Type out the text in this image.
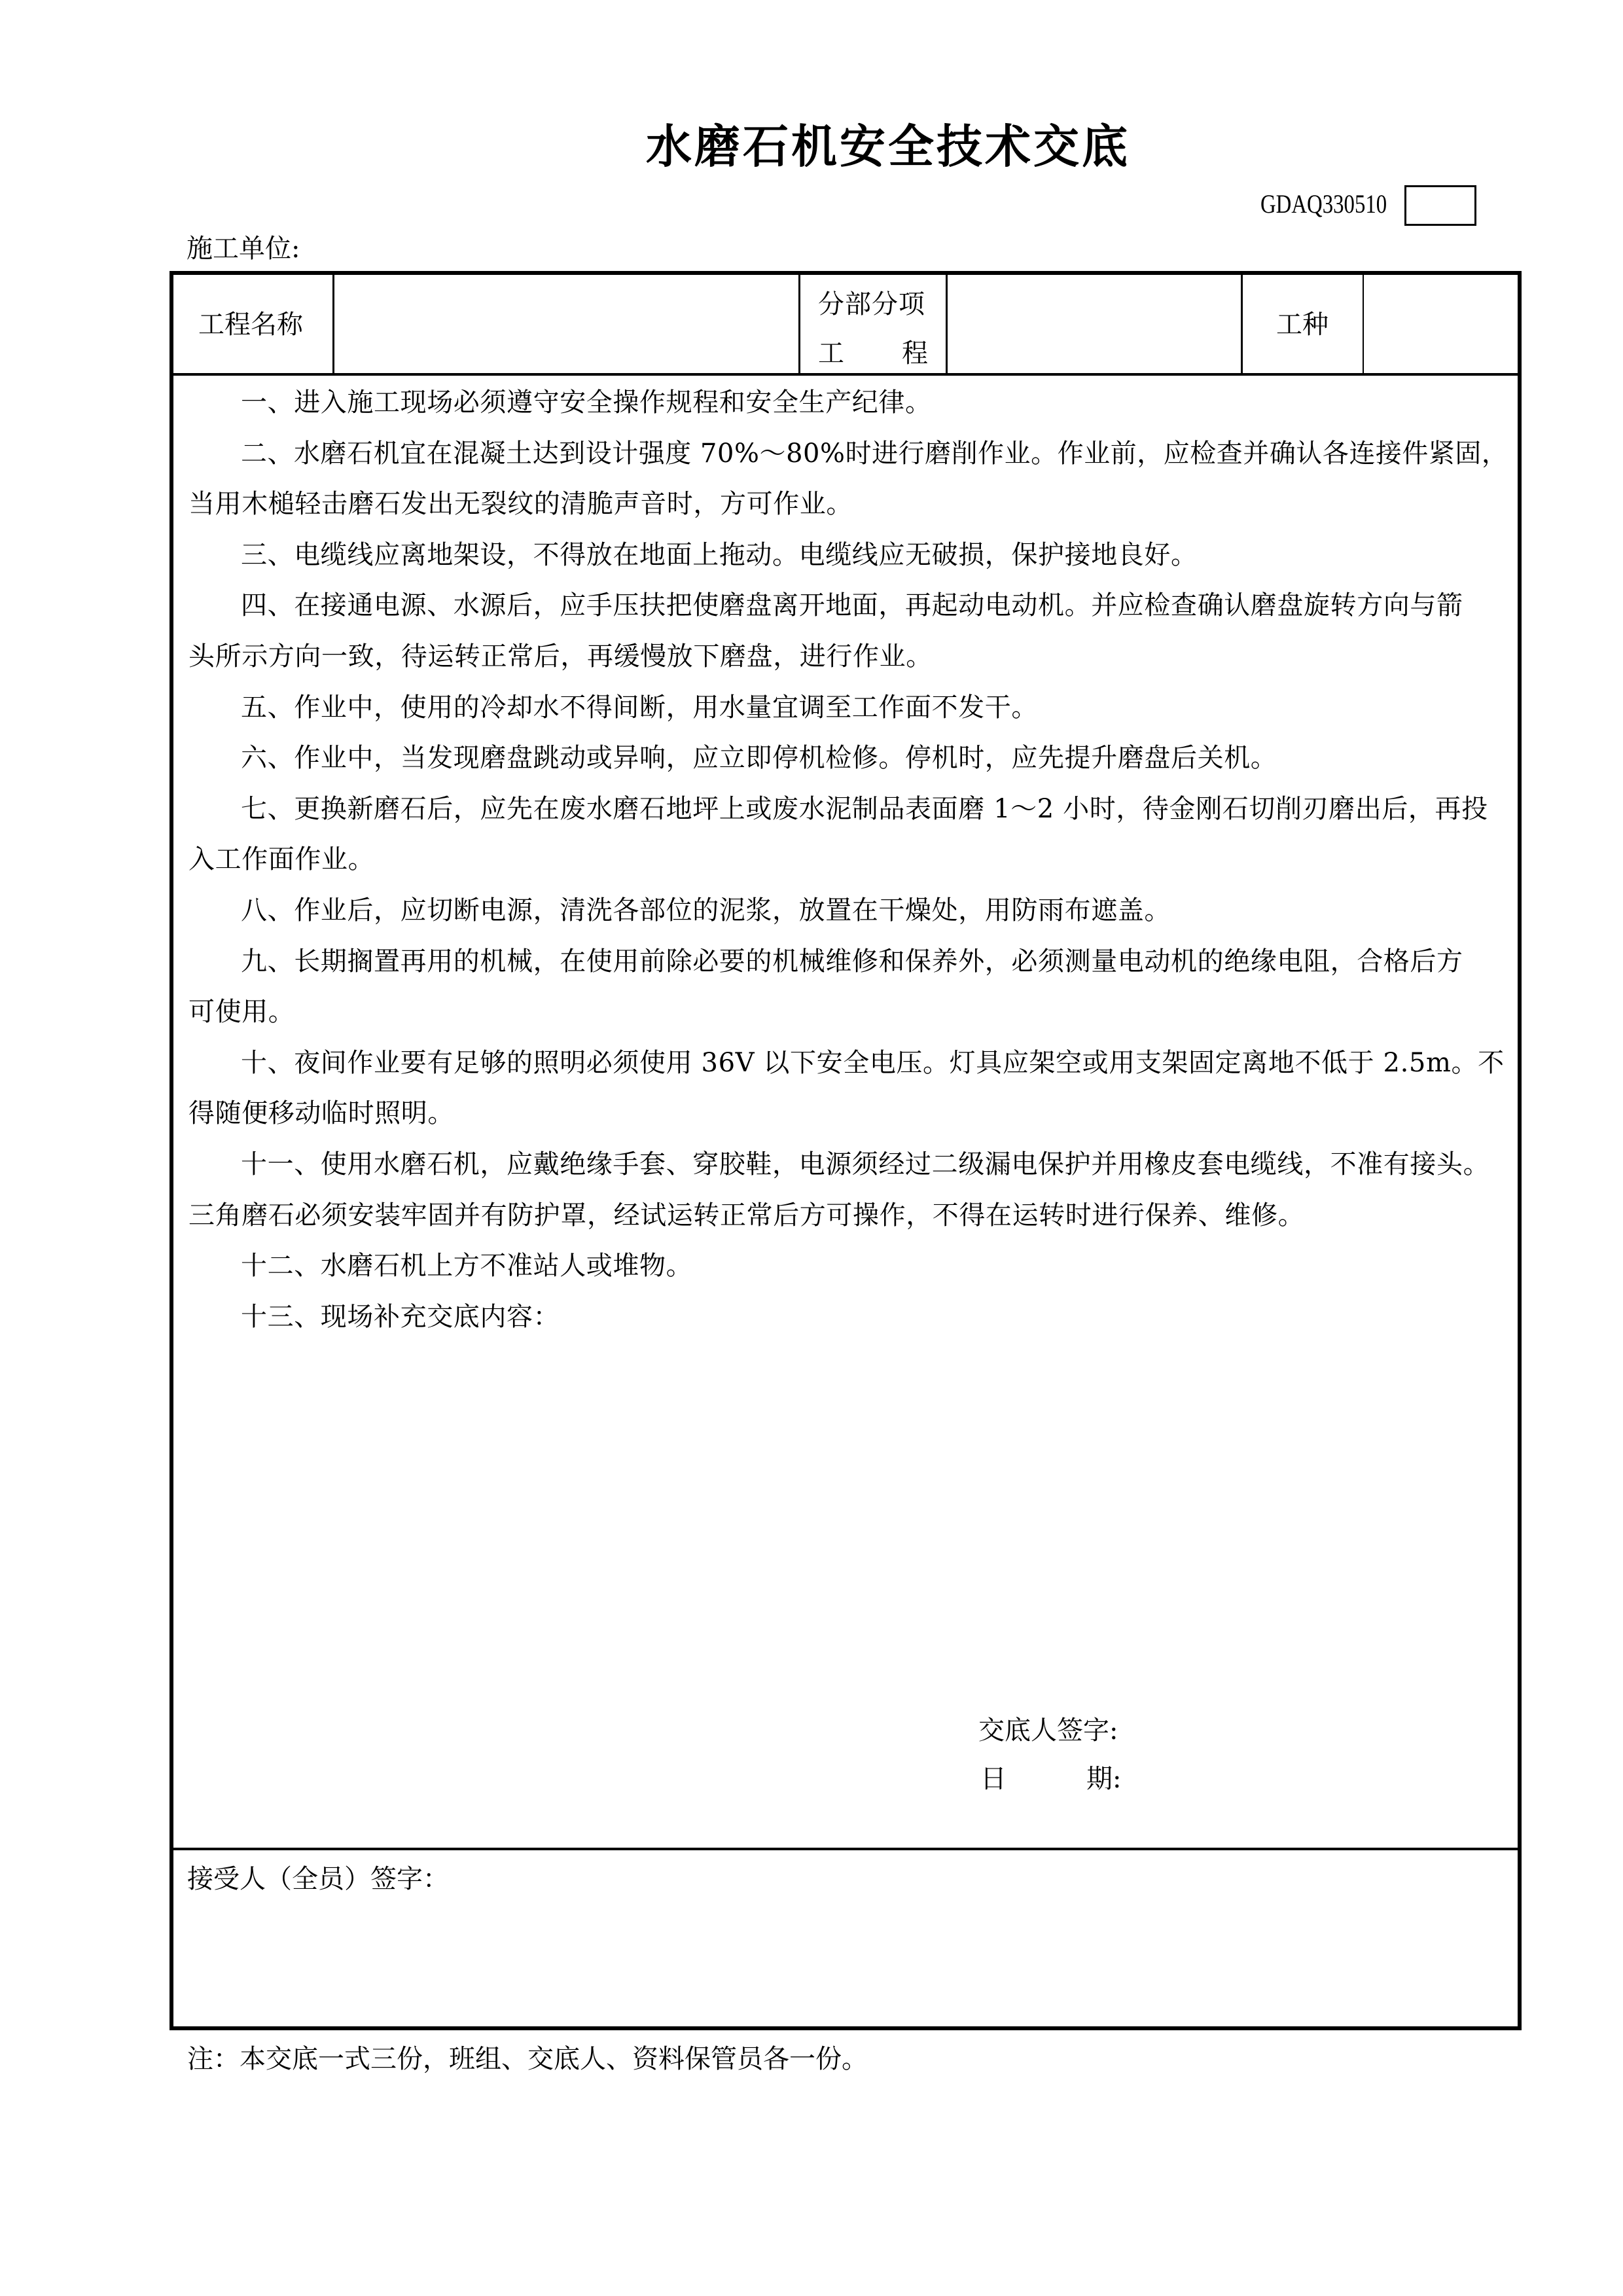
水磨石机安全技术交底
GDAQ330510
施工单位:
工程名称
分部分项
工 程
工种
一、进入施工现场必须遵守安全操作规程和安全生产纪律。
二、水磨石机宜在混凝土达到设计强度 70%～80%时进行磨削作业。作业前，应检查并确认各连接件紧固，
当用木槌轻击磨石发出无裂纹的清脆声音时，方可作业。
三、电缆线应离地架设，不得放在地面上拖动。电缆线应无破损，保护接地良好。
四、在接通电源、水源后，应手压扶把使磨盘离开地面，再起动电动机。并应检查确认磨盘旋转方向与箭
头所示方向一致，待运转正常后，再缓慢放下磨盘，进行作业。
五、作业中，使用的冷却水不得间断，用水量宜调至工作面不发干。
六、作业中，当发现磨盘跳动或异响，应立即停机检修。停机时，应先提升磨盘后关机。
七、更换新磨石后，应先在废水磨石地坪上或废水泥制品表面磨 1～2 小时，待金刚石切削刃磨出后，再投
入工作面作业。
八、作业后，应切断电源，清洗各部位的泥浆，放置在干燥处，用防雨布遮盖。
九、长期搁置再用的机械，在使用前除必要的机械维修和保养外，必须测量电动机的绝缘电阻，合格后方
可使用。
十、夜间作业要有足够的照明必须使用 36V 以下安全电压。灯具应架空或用支架固定离地不低于 2.5m。不
得随便移动临时照明。
十一、使用水磨石机，应戴绝缘手套、穿胶鞋，电源须经过二级漏电保护并用橡皮套电缆线，不准有接头。
三角磨石必须安装牢固并有防护罩，经试运转正常后方可操作，不得在运转时进行保养、维修。
十二、水磨石机上方不准站人或堆物。
十三、现场补充交底内容：
交底人签字:
日	期:
接受人（全员）签字：
注：本交底一式三份，班组、交底人、资料保管员各一份。
